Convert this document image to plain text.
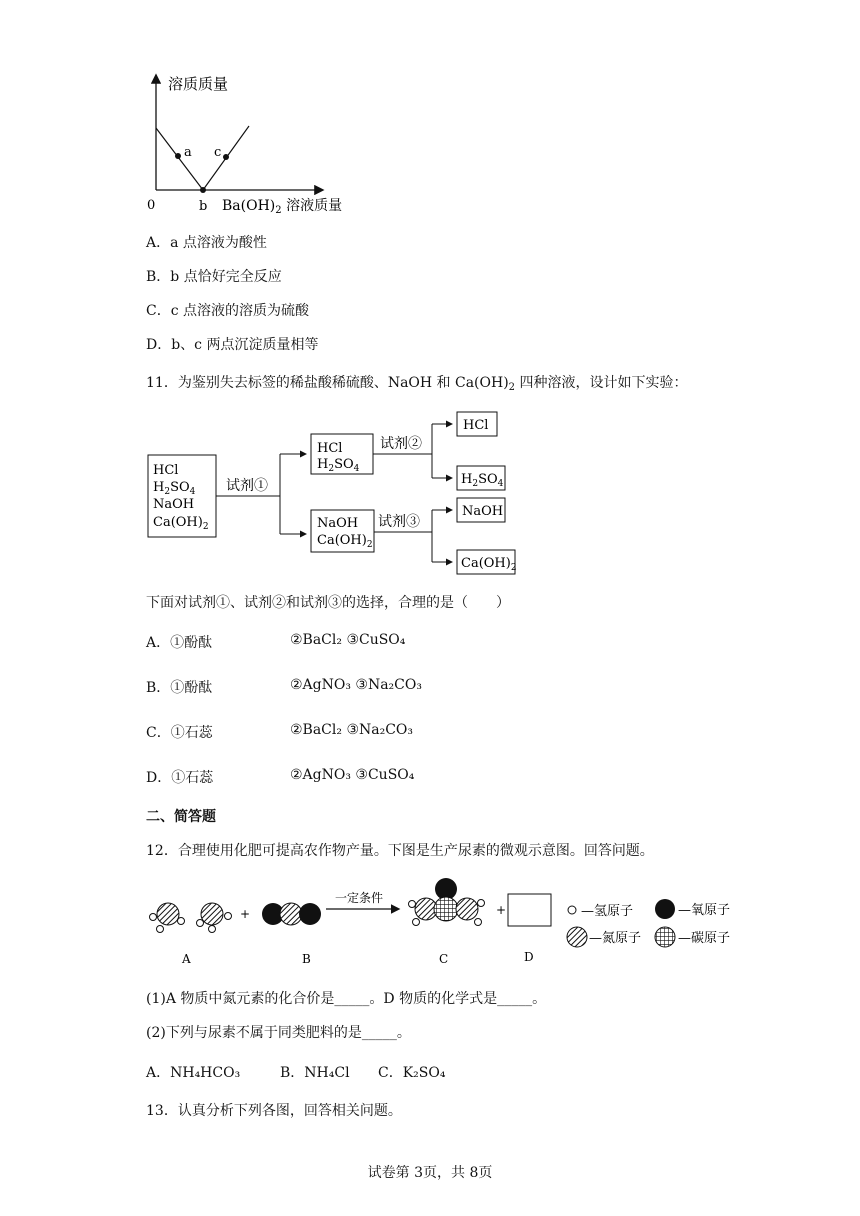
a c
溶质质量
0	b $Ba(OH)_2$ 溶液质量
A．a 点溶液为酸性
B．b 点恰好完全反应
C．c 点溶液的溶质为硫酸
D．b、c 两点沉淀质量相等
11．为鉴别失去标签的稀盐酸稀硫酸、NaOH 和 $Ca(OH)_2$ 四种溶液，设计如下实验：
HCl
$H_2SO_4$
NaOH
$Ca(OH)_2$
试剂①
HCl
$H_2SO_4$
试剂②
HCl
$H_2SO_4$
NaOH
$Ca(OH)_2$
试剂③
NaOH
$Ca(OH)_2$
下面对试剂①、试剂②和试剂③的选择，合理的是（　　）
A．①酚酞	②BaCl₂ ③CuSO₄
B．①酚酞	②AgNO₃ ③Na₂CO₃
C．①石蕊	②BaCl₂ ③Na₂CO₃
D．①石蕊	②AgNO₃ ③CuSO₄
二、简答题
12．合理使用化肥可提高农作物产量。下图是生产尿素的微观示意图。回答问题。
+
一定条件
+
A	B	C	D
—氢原子	—氧原子
—氮原子	—碳原子
(1)A 物质中氮元素的化合价是_____。D 物质的化学式是_____。
(2)下列与尿素不属于同类肥料的是_____。
A．NH₄HCO₃	B．NH₄Cl C．K₂SO₄
13．认真分析下列各图，回答相关问题。
试卷第 3页，共 8页
